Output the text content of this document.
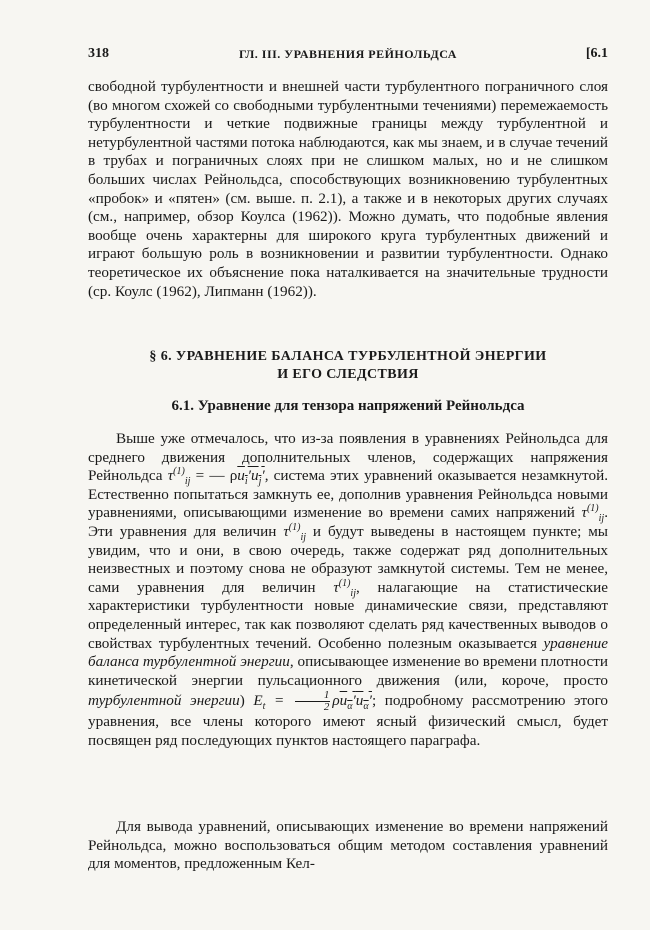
318	ГЛ. III. УРАВНЕНИЯ РЕЙНОЛЬДСА	[6.1

свободной турбулентности и внешней части турбулентного пограничного слоя (во многом схожей со свободными турбулентными течениями) перемежаемость турбулентности и четкие подвижные границы между турбулентной и нетурбулентной частями потока наблюдаются, как мы знаем, и в случае течений в трубах и пограничных слоях при не слишком малых, но и не слишком больших числах Рейнольдса, способствующих возникновению турбулентных «пробок» и «пятен» (см. выше. п. 2.1), а также и в некоторых других случаях (см., например, обзор Коулса (1962)). Можно думать, что подобные явления вообще очень характерны для широкого круга турбулентных движений и играют большую роль в возникновении и развитии турбулентности. Однако теоретическое их объяснение пока наталкивается на значительные трудности (ср. Коулс (1962), Липманн (1962)).

§ 6. УРАВНЕНИЕ БАЛАНСА ТУРБУЛЕНТНОЙ ЭНЕРГИИ
И ЕГО СЛЕДСТВИЯ
6.1. Уравнение для тензора напряжений Рейнольдса

Выше уже отмечалось, что из-за появления в уравнениях Рейнольдса для среднего движения дополнительных членов, содержащих напряжения Рейнольдса $\tau^{(1)}_{ij}$ = — $\rho u_i'u_j'$, система этих уравнений оказывается незамкнутой. Естественно попытаться замкнуть ее, дополнив уравнения Рейнольдса новыми уравнениями, описывающими изменение во времени самих напряжений $\tau^{(1)}_{ij}$. Эти уравнения для величин $\tau^{(1)}_{ij}$ и будут выведены в настоящем пункте; мы увидим, что и они, в свою очередь, также содержат ряд дополнительных неизвестных и поэтому снова не образуют замкнутой системы. Тем не менее, сами уравнения для величин $\tau^{(1)}_{ij}$, налагающие на статистические характеристики турбулентности новые динамические связи, представляют определенный интерес, так как позволяют сделать ряд качественных выводов о свойствах турбулентных течений. Особенно полезным оказывается уравнение баланса турбулентной энергии, описывающее изменение во времени плотности кинетической энергии пульсационного движения (или, короче, просто турбулентной энергии) $E_t = \frac{1}{2} \rho u_\alpha'u_\alpha'$; подробному рассмотрению этого уравнения, все члены которого имеют ясный физический смысл, будет посвящен ряд последующих пунктов настоящего параграфа.

Для вывода уравнений, описывающих изменение во времени напряжений Рейнольдса, можно воспользоваться общим методом составления уравнений для моментов, предложенным Кел-
